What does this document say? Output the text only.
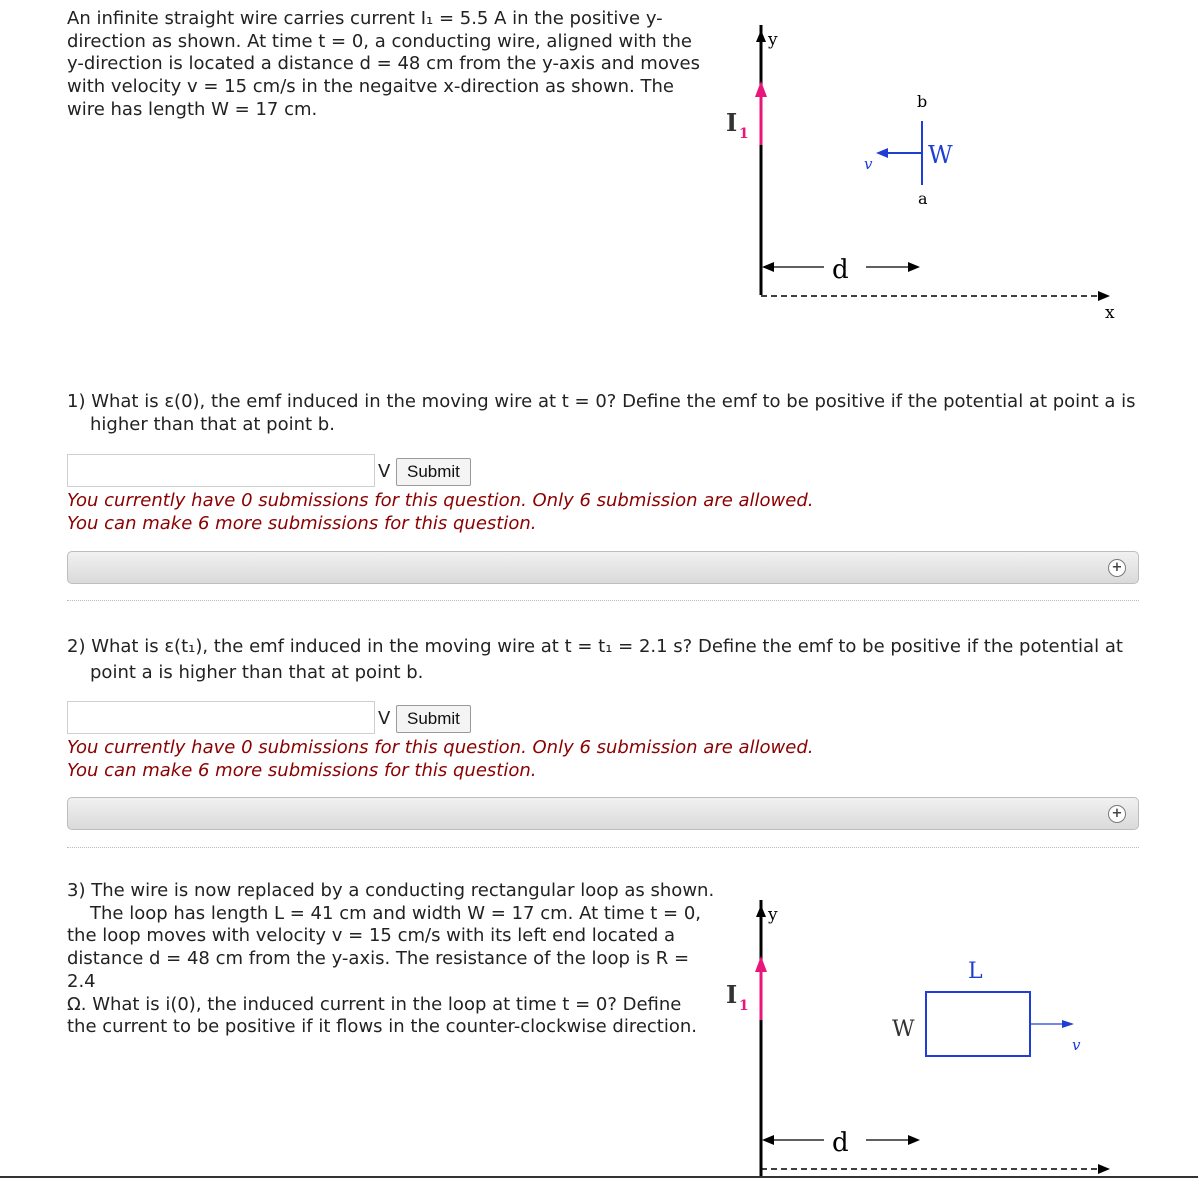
An infinite straight wire carries current I₁ = 5.5 A in the positive y-

direction as shown. At time t = 0, a conducting wire, aligned with the

y-direction is located a distance d = 48 cm from the y-axis and moves

with velocity v = 15 cm/s in the negaitve x-direction as shown. The

wire has length W = 17 cm.

y
I 1
b
W
a
v
d
x

1) What is ε(0), the emf induced in the moving wire at t = 0? Define the emf to be positive if the potential at point a is

higher than that at point b.

V Submit
You currently have 0 submissions for this question. Only 6 submission are allowed.
You can make 6 more submissions for this question.
+

2) What is ε(t₁), the emf induced in the moving wire at t = t₁ = 2.1 s? Define the emf to be positive if the potential at

point a is higher than that at point b.

V Submit
You currently have 0 submissions for this question. Only 6 submission are allowed.
You can make 6 more submissions for this question.
+

3) The wire is now replaced by a conducting rectangular loop as shown.

The loop has length L = 41 cm and width W = 17 cm. At time t = 0,

the loop moves with velocity v = 15 cm/s with its left end located a

distance d = 48 cm from the y-axis. The resistance of the loop is R = 2.4

Ω. What is i(0), the induced current in the loop at time t = 0? Define

the current to be positive if it flows in the counter-clockwise direction.

y
I 1
L
W
v
d
